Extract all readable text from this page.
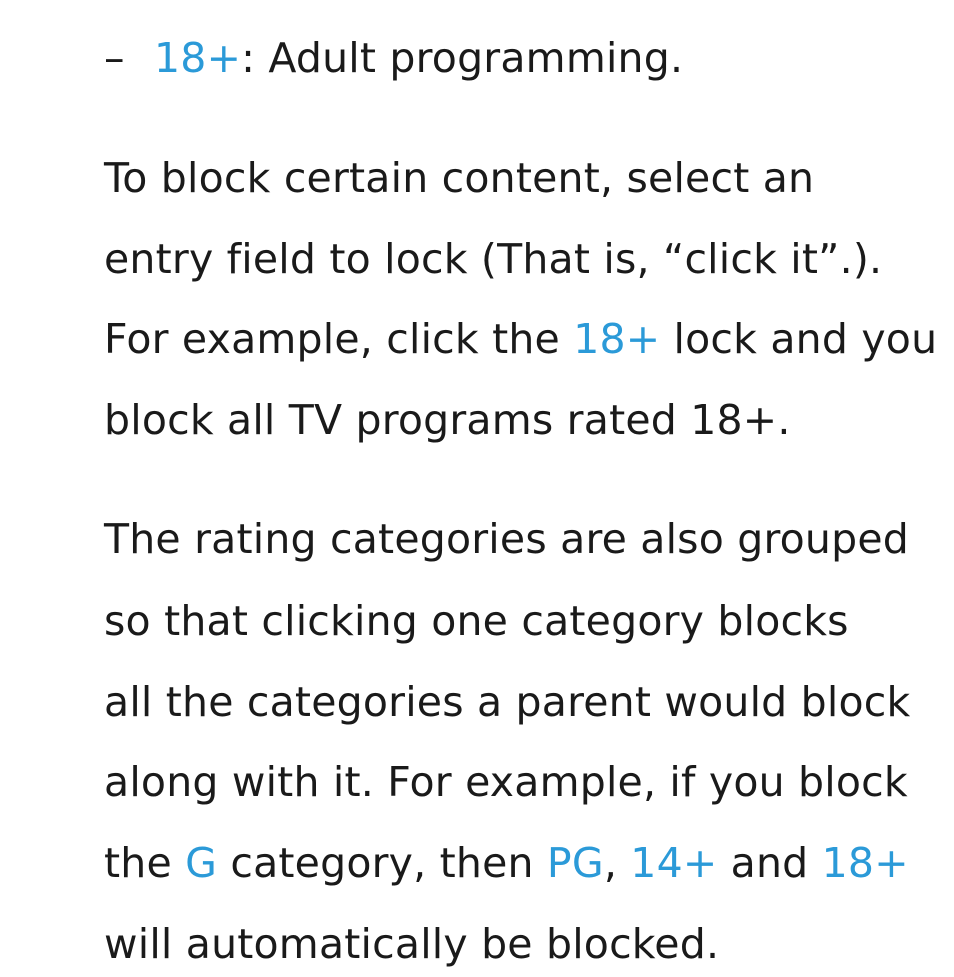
– 18+: Adult programming.
To block certain content, select an
entry field to lock (That is, “click it”.).
For example, click the 18+ lock and you
block all TV programs rated 18+.
The rating categories are also grouped
so that clicking one category blocks
all the categories a parent would block
along with it. For example, if you block
the G category, then PG, 14+ and 18+
will automatically be blocked.
